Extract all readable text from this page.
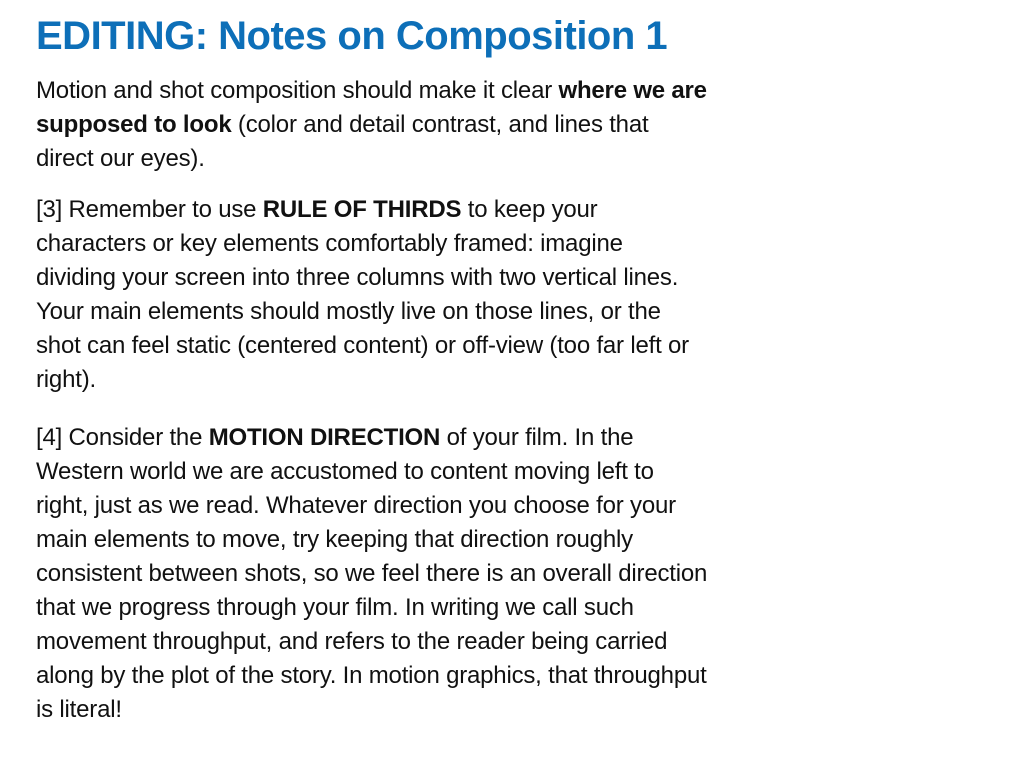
EDITING: Notes on Composition 1

Motion and shot composition should make it clear where we are supposed to look (color and detail contrast, and lines that direct our eyes).

[3] Remember to use RULE OF THIRDS to keep your characters or key elements comfortably framed: imagine dividing your screen into three columns with two vertical lines. Your main elements should mostly live on those lines, or the shot can feel static (centered content) or off-view (too far left or right).

[4] Consider the MOTION DIRECTION of your film. In the Western world we are accustomed to content moving left to right, just as we read. Whatever direction you choose for your main elements to move, try keeping that direction roughly consistent between shots, so we feel there is an overall direction that we progress through your film. In writing we call such movement throughput, and refers to the reader being carried along by the plot of the story. In motion graphics, that throughput is literal!
